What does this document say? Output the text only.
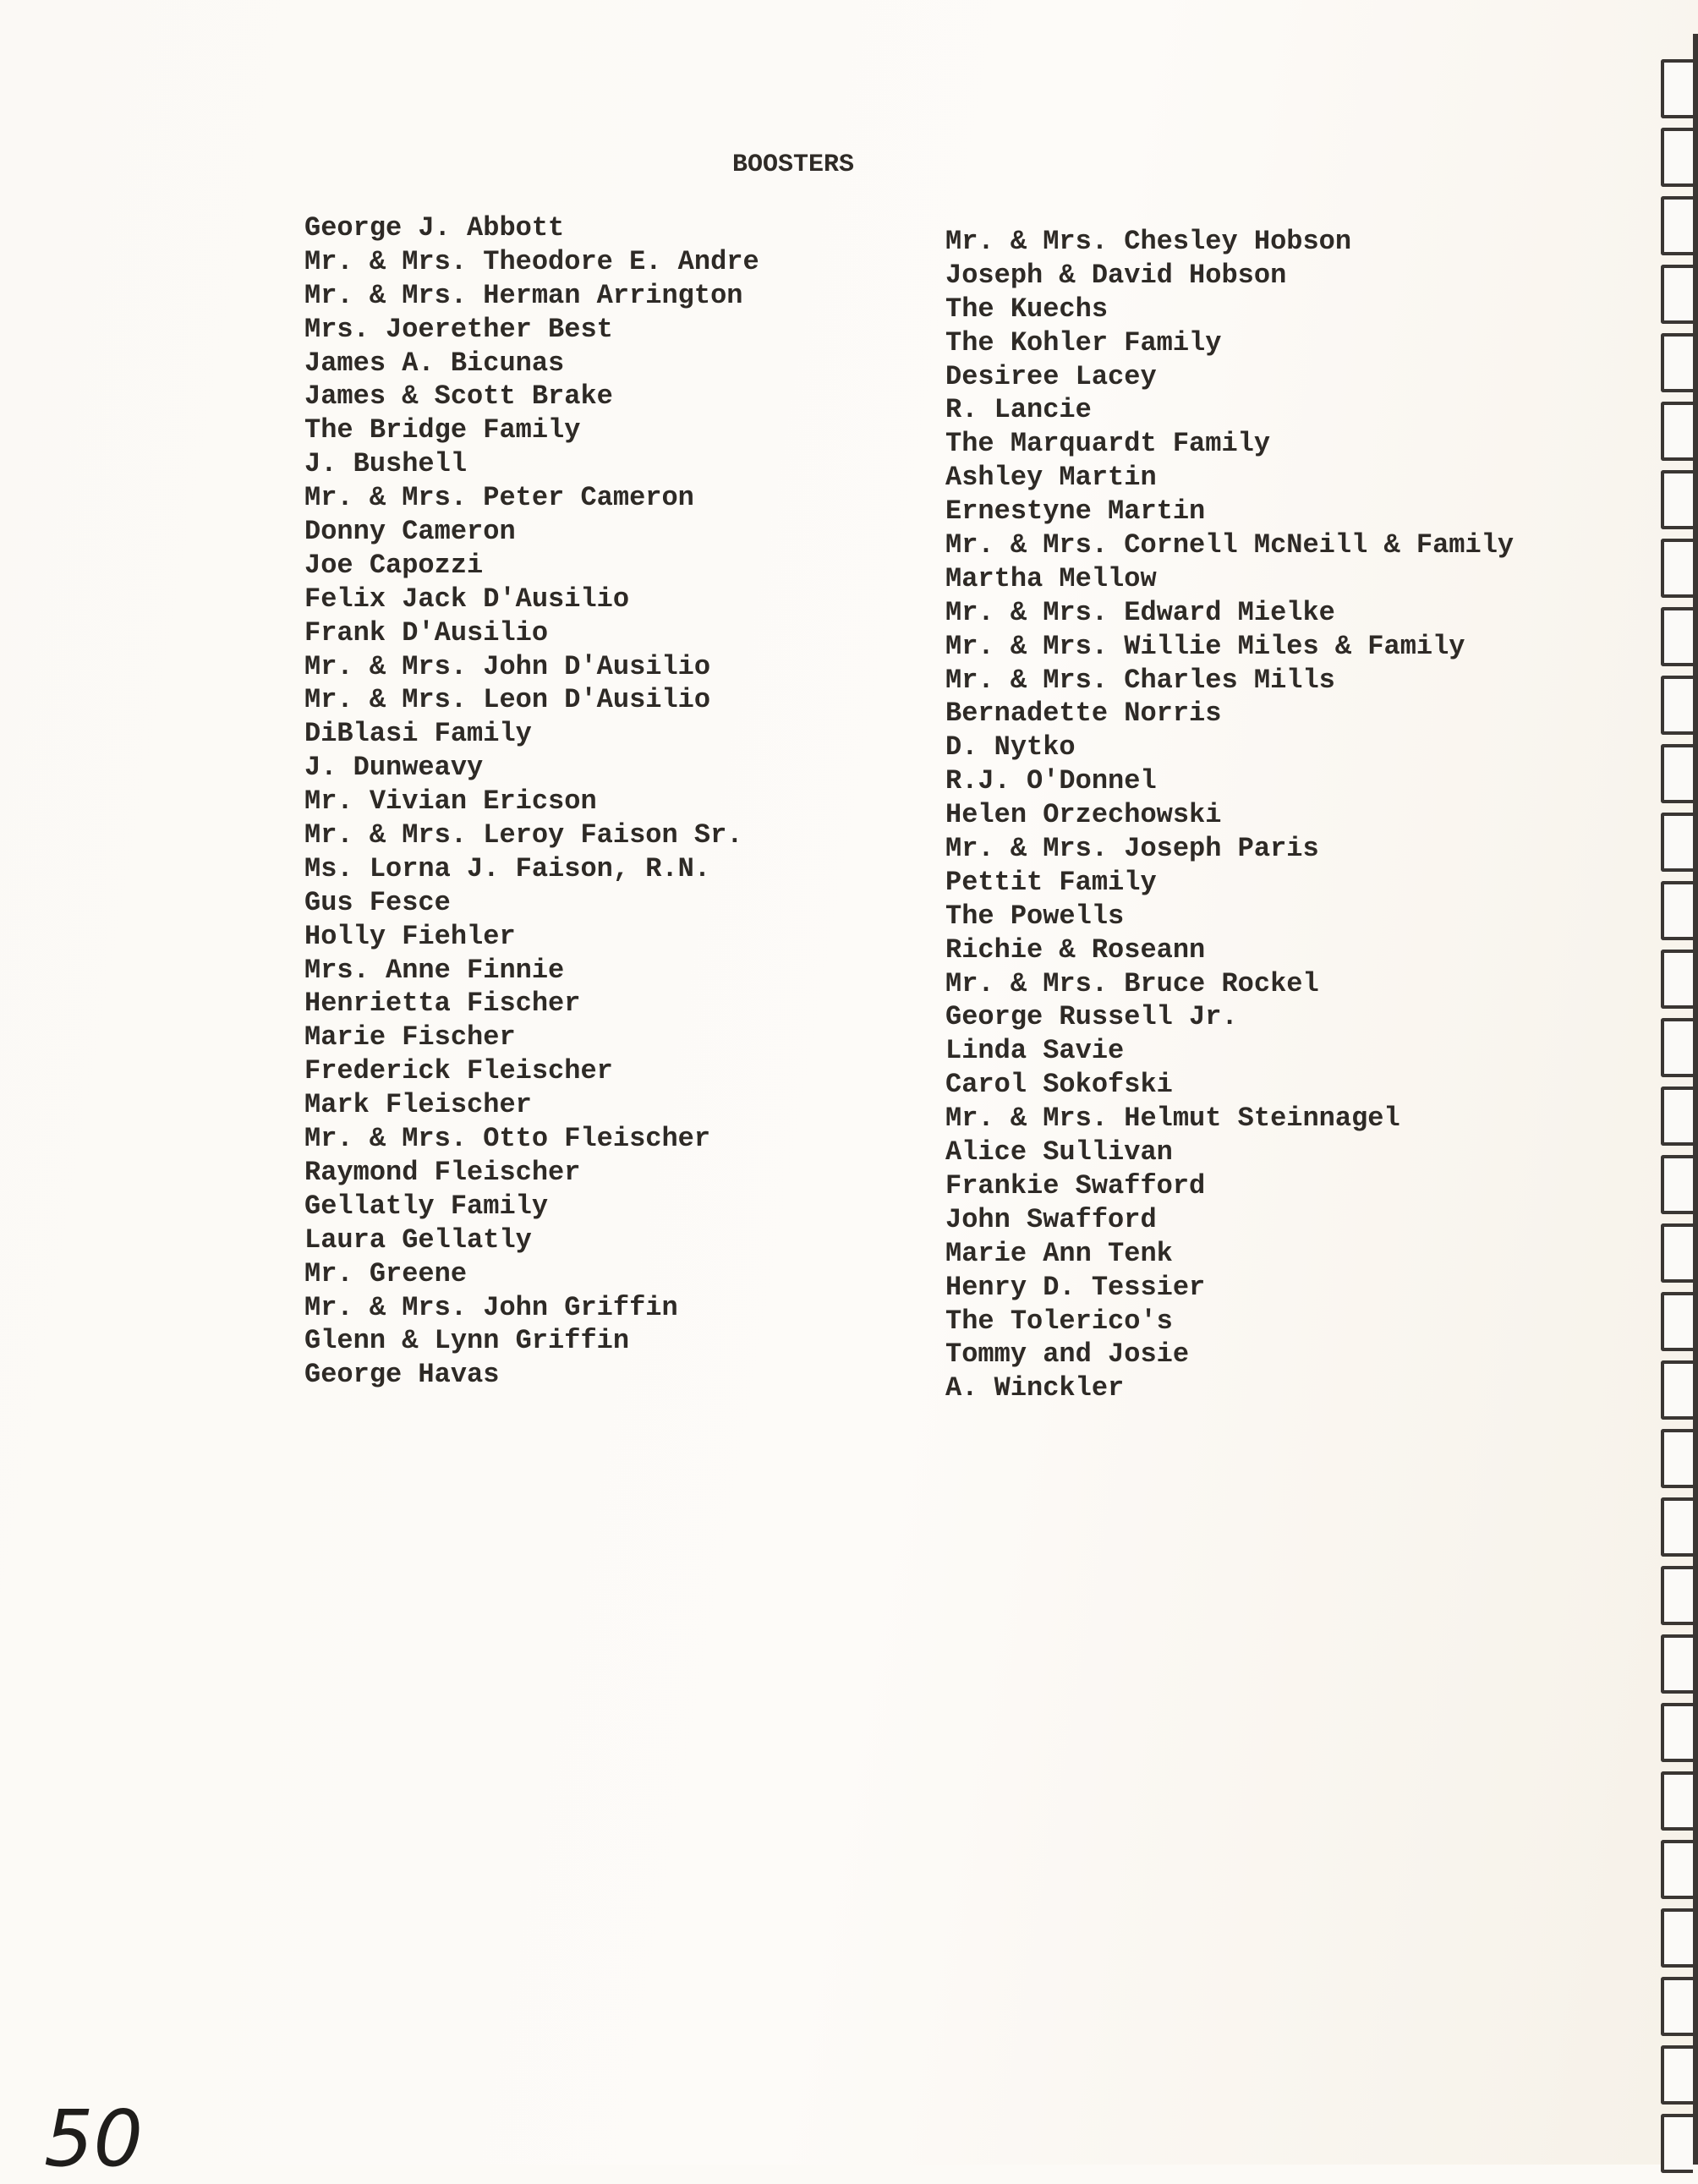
BOOSTERS
George J. Abbott
Mr. & Mrs. Theodore E. Andre
Mr. & Mrs. Herman Arrington
Mrs. Joerether Best
James A. Bicunas
James & Scott Brake
The Bridge Family
J. Bushell
Mr. & Mrs. Peter Cameron
Donny Cameron
Joe Capozzi
Felix Jack D'Ausilio
Frank D'Ausilio
Mr. & Mrs. John D'Ausilio
Mr. & Mrs. Leon D'Ausilio
DiBlasi Family
J. Dunweavy
Mr. Vivian Ericson
Mr. & Mrs. Leroy Faison Sr.
Ms. Lorna J. Faison, R.N.
Gus Fesce
Holly Fiehler
Mrs. Anne Finnie
Henrietta Fischer
Marie Fischer
Frederick Fleischer
Mark Fleischer
Mr. & Mrs. Otto Fleischer
Raymond Fleischer
Gellatly Family
Laura Gellatly
Mr. Greene
Mr. & Mrs. John Griffin
Glenn & Lynn Griffin
George Havas
Mr. & Mrs. Chesley Hobson
Joseph & David Hobson
The Kuechs
The Kohler Family
Desiree Lacey
R. Lancie
The Marquardt Family
Ashley Martin
Ernestyne Martin
Mr. & Mrs. Cornell McNeill & Family
Martha Mellow
Mr. & Mrs. Edward Mielke
Mr. & Mrs. Willie Miles & Family
Mr. & Mrs. Charles Mills
Bernadette Norris
D. Nytko
R.J. O'Donnel
Helen Orzechowski
Mr. & Mrs. Joseph Paris
Pettit Family
The Powells
Richie & Roseann
Mr. & Mrs. Bruce Rockel
George Russell Jr.
Linda Savie
Carol Sokofski
Mr. & Mrs. Helmut Steinnagel
Alice Sullivan
Frankie Swafford
John Swafford
Marie Ann Tenk
Henry D. Tessier
The Tolerico's
Tommy and Josie
A. Winckler
50
